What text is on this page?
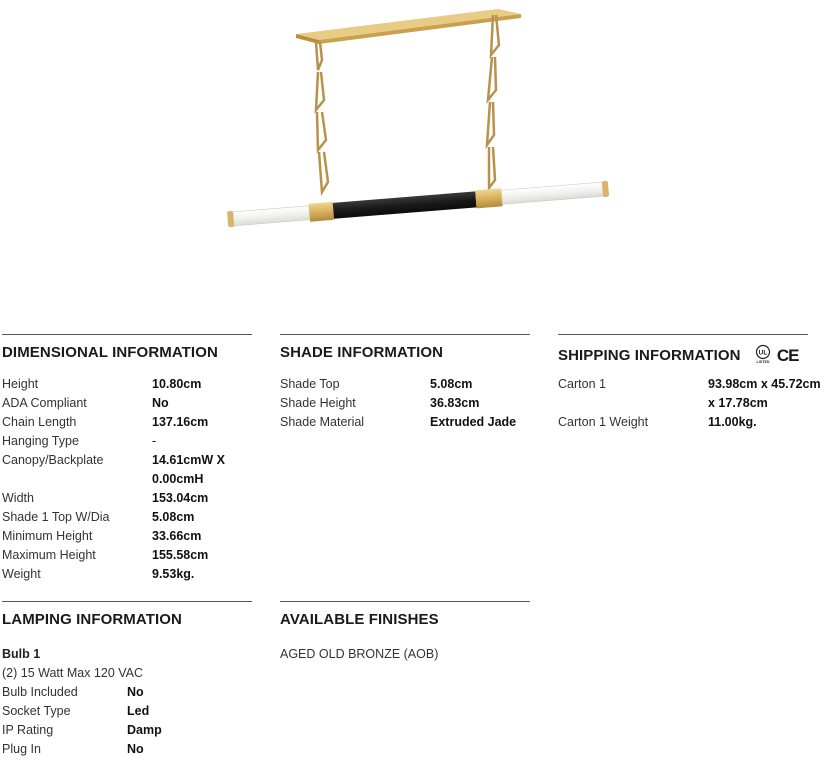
DIMENSIONAL INFORMATION
Height	10.80cm
ADA Compliant	No
Chain Length	137.16cm
Hanging Type	-
Canopy/Backplate	14.61cmW X
0.00cmH
Width	153.04cm
Shade 1 Top W/Dia	5.08cm
Minimum Height	33.66cm
Maximum Height	155.58cm
Weight	9.53kg.
SHADE INFORMATION
Shade Top	5.08cm
Shade Height	36.83cm
Shade Material	Extruded Jade
SHIPPING INFORMATION	UL
LISTED CE
Carton 1	93.98cm x 45.72cm
x 17.78cm
Carton 1 Weight	11.00kg.
LAMPING INFORMATION
Bulb 1
(2) 15 Watt Max 120 VAC
Bulb Included	No
Socket Type	Led
IP Rating	Damp
Plug In	No
AVAILABLE FINISHES
AGED OLD BRONZE (AOB)
